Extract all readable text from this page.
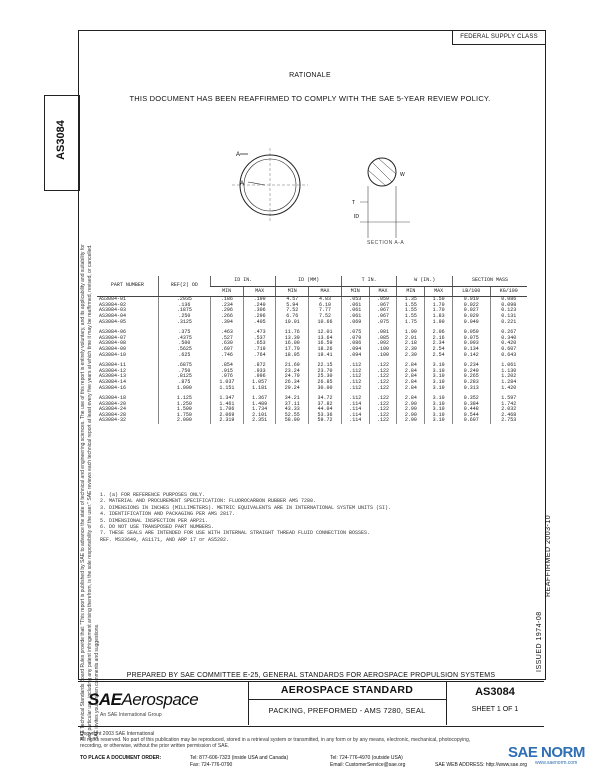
FEDERAL SUPPLY CLASS
AS3084
SAE Technical Standards Board Rules provide that: "This report is published by SAE to advance the state of technical and engineering sciences. The use of this report is entirely voluntary, and its applicability and suitability for any particular use, including any patent infringement arising therefrom, is the sole responsibility of the user." SAE reviews each technical report at least every five years at which time it may be reaffirmed, revised, or cancelled. SAE invites your written comments and suggestions.
REAFFIRMED 2003-10
ISSUED 1974-08
RATIONALE
THIS DOCUMENT HAS BEEN REAFFIRMED TO COMPLY WITH THE SAE 5-YEAR REVIEW POLICY.
A
A
T
ID
W
SECTION A-A
PART NUMBER	REF(2) OD	ID IN.		ID (MM)		T IN.		W (IN.)		SECTION MASS	
		MIN	MAX	MIN	MAX	MIN	MAX	MIN	MAX	LB/100	KG/100
AS3084-01	.2935	.186	.190	4.57	4.83	.053	.059	1.35	1.50	0.019	0.086
AS3084-02	.136	.234	.240	5.94	6.10	.061	.067	1.55	1.70	0.022	0.098
AS3084-03	.1875	.296	.306	7.52	7.77	.061	.067	1.55	1.70	0.027	0.123
AS3084-04	.250	.266	.296	6.76	7.52	.061	.067	1.55	1.83	0.029	0.131
AS3084-05	.3125	.394	.405	10.01	10.66	.069	.075	1.75	1.90	0.049	0.221

AS3084-06	.375	.463	.473	11.76	12.01	.075	.081	1.90	2.06	0.059	0.267
AS3084-07	.4375	.527	.537	13.39	13.64	.079	.085	2.01	2.16	0.075	0.340
AS3084-08	.500	.630	.653	16.00	16.59	.086	.092	2.18	2.34	0.093	0.420
AS3084-09	.5625	.697	.719	17.70	18.26	.094	.100	2.39	2.54	0.134	0.607
AS3084-10	.625	.746	.764	18.95	19.41	.094	.100	2.39	2.54	0.142	0.643

AS3084-11	.6875	.854	.872	21.69	22.15	.112	.122	2.84	3.10	0.234	1.061
AS3084-12	.750	.915	.933	23.24	23.70	.112	.122	2.84	3.10	0.249	1.130
AS3084-13	.8125	.976	.996	24.79	25.30	.112	.122	2.84	3.10	0.265	1.202
AS3084-14	.875	1.037	1.057	26.34	26.85	.112	.122	2.84	3.10	0.283	1.284
AS3084-16	1.000	1.151	1.181	29.24	30.00	.112	.122	2.84	3.10	0.313	1.420

AS3084-18	1.125	1.347	1.367	34.21	34.72	.112	.122	2.84	3.10	0.352	1.597
AS3084-20	1.250	1.461	1.489	37.11	37.82	.114	.122	2.90	3.10	0.384	1.742
AS3084-24	1.500	1.706	1.734	43.33	44.04	.114	.122	2.90	3.10	0.448	2.032
AS3084-28	1.750	2.069	2.101	52.55	53.36	.114	.122	2.90	3.10	0.544	2.468
AS3084-32	2.000	2.319	2.351	58.90	59.72	.114	.122	2.90	3.10	0.607	2.753
1. (a) FOR REFERENCE PURPOSES ONLY.
2. MATERIAL AND PROCUREMENT SPECIFICATION: FLUOROCARBON RUBBER AMS 7280.
3. DIMENSIONS IN INCHES (MILLIMETERS). METRIC EQUIVALENTS ARE IN INTERNATIONAL SYSTEM UNITS (SI).
4. IDENTIFICATION AND PACKAGING PER AMS 2817.
5. DIMENSIONAL INSPECTION PER ARP21.
6. DO NOT USE TRANSPOSED PART NUMBERS.
7. THESE SEALS ARE INTENDED FOR USE WITH INTERNAL STRAIGHT THREAD FLUID CONNECTION BOSSES.
REF. MS33649, AS1171, AND ARP 17 or AS5202.
PREPARED BY SAE COMMITTEE E-25, GENERAL STANDARDS FOR AEROSPACE PROPULSION SYSTEMS
SAEAerospace
An SAE International Group
AEROSPACE STANDARD
PACKING, PREFORMED - AMS 7280, SEAL
AS3084
SHEET 1 OF 1
Copyright 2003 SAE International
All rights reserved. No part of this publication may be reproduced, stored in a retrieval system or transmitted, in any form or by any means, electronic, mechanical, photocopying,
recording, or otherwise, without the prior written permission of SAE.
TO PLACE A DOCUMENT ORDER:	Tel: 877-606-7323 (inside USA and Canada)
Fax: 724-776-0790
Tel: 724-776-4970 (outside USA)
Email: CustomerService@sae.org	SAE WEB ADDRESS: http://www.sae.org
SAE NORM
www.saenorm.com
